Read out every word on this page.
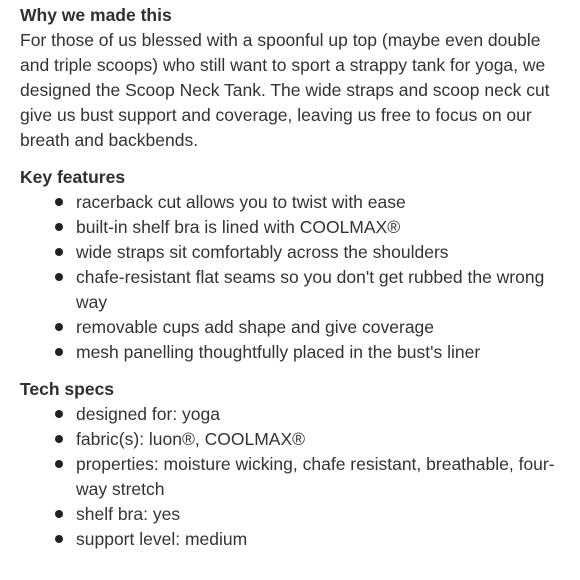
Why we made this

For those of us blessed with a spoonful up top (maybe even double and triple scoops) who still want to sport a strappy tank for yoga, we designed the Scoop Neck Tank. The wide straps and scoop neck cut give us bust support and coverage, leaving us free to focus on our breath and backbends.

Key features
racerback cut allows you to twist with ease
built-in shelf bra is lined with COOLMAX®
wide straps sit comfortably across the shoulders
chafe-resistant flat seams so you don't get rubbed the wrong way
removable cups add shape and give coverage
mesh panelling thoughtfully placed in the bust's liner
Tech specs
designed for: yoga
fabric(s): luon®, COOLMAX®
properties: moisture wicking, chafe resistant, breathable, four-way stretch
shelf bra: yes
support level: medium
